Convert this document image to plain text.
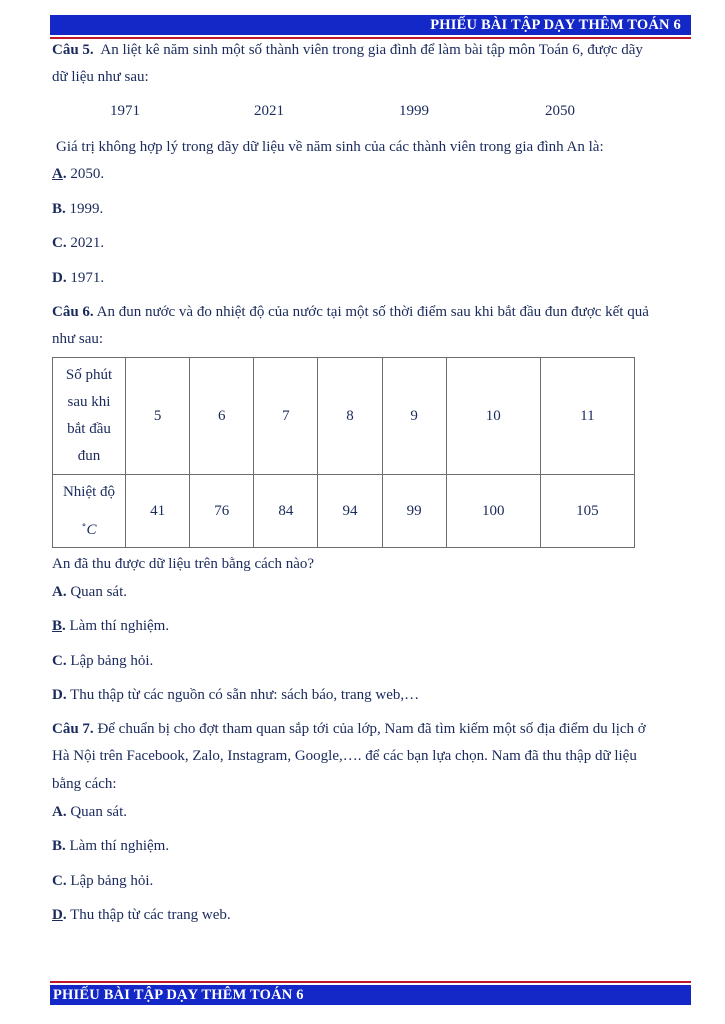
PHIẾU BÀI TẬP DẠY THÊM TOÁN 6
Câu 5. An liệt kê năm sinh một số thành viên trong gia đình để làm bài tập môn Toán 6, được dãy
dữ liệu như sau:
1971	2021	1999	2050
Giá trị không hợp lý trong dãy dữ liệu về năm sinh của các thành viên trong gia đình An là:
A. 2050.
B. 1999.
C. 2021.
D. 1971.
Câu 6. An đun nước và đo nhiệt độ của nước tại một số thời điểm sau khi bắt đầu đun được kết quả
như sau:
Số phút
sau khi
bắt đầu
đun	5	6	7	8	9	10	11

Nhiệt độ
∘C	41	76	84	94	99	100	105
An đã thu được dữ liệu trên bằng cách nào?
A. Quan sát.
B. Làm thí nghiệm.
C. Lập bảng hỏi.
D. Thu thập từ các nguồn có sẵn như: sách báo, trang web,…
Câu 7. Để chuẩn bị cho đợt tham quan sắp tới của lớp, Nam đã tìm kiếm một số địa điểm du lịch ở
Hà Nội trên Facebook, Zalo, Instagram, Google,…. để các bạn lựa chọn. Nam đã thu thập dữ liệu
bằng cách:
A. Quan sát.
B. Làm thí nghiệm.
C. Lập bảng hỏi.
D. Thu thập từ các trang web.
PHIẾU BÀI TẬP DẠY THÊM TOÁN 6
